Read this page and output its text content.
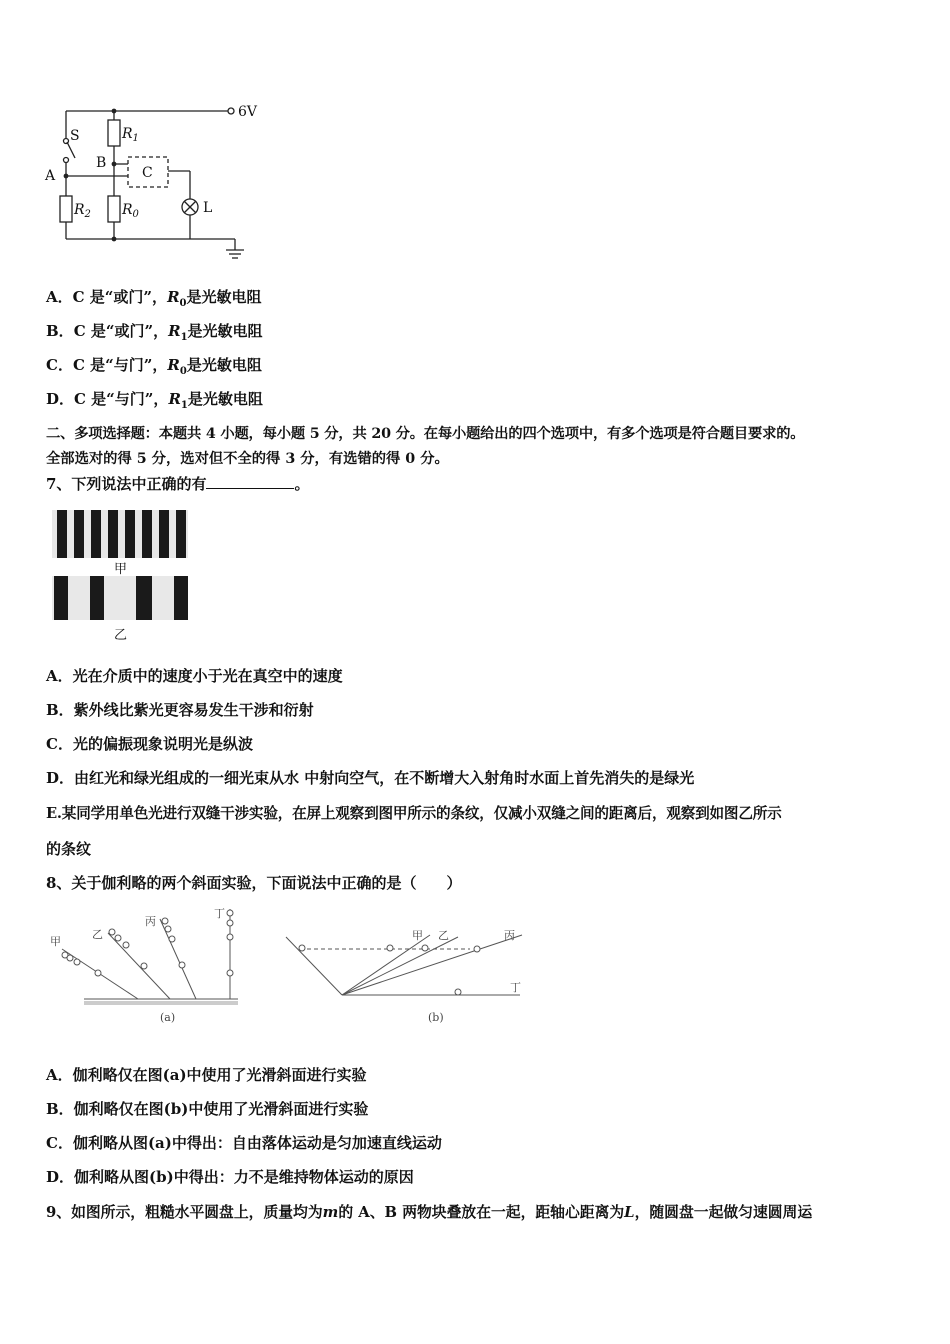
6V
S
A
B
C
L
$R_1$
$R_2$ $R_0$
A．C 是“或门”，$R_0$是光敏电阻
B．C 是“或门”，$R_1$是光敏电阻
C．C 是“与门”，$R_0$是光敏电阻
D．C 是“与门”，$R_1$是光敏电阻
二、多项选择题：本题共 4 小题，每小题 5 分，共 20 分。在每小题给出的四个选项中，有多个选项是符合题目要求的。
全部选对的得 5 分，选对但不全的得 3 分，有选错的得 0 分。
7、下列说法中正确的有	。
甲
乙
A．光在介质中的速度小于光在真空中的速度
B．紫外线比紫光更容易发生干涉和衍射
C．光的偏振现象说明光是纵波
D．由红光和绿光组成的一细光束从水 中射向空气，在不断增大入射角时水面上首先消失的是绿光
E.某同学用单色光进行双缝干涉实验，在屏上观察到图甲所示的条纹，仅减小双缝之间的距离后，观察到如图乙所示
的条纹
8、关于伽利略的两个斜面实验，下面说法中正确的是（　　）
甲
乙
丙
丁
(a)
甲 乙	丙
丁
(b)
A．伽利略仅在图(a)中使用了光滑斜面进行实验
B．伽利略仅在图(b)中使用了光滑斜面进行实验
C．伽利略从图(a)中得出：自由落体运动是匀加速直线运动
D．伽利略从图(b)中得出：力不是维持物体运动的原因
9、如图所示，粗糙水平圆盘上，质量均为m的 A、B 两物块叠放在一起，距轴心距离为L，随圆盘一起做匀速圆周运
